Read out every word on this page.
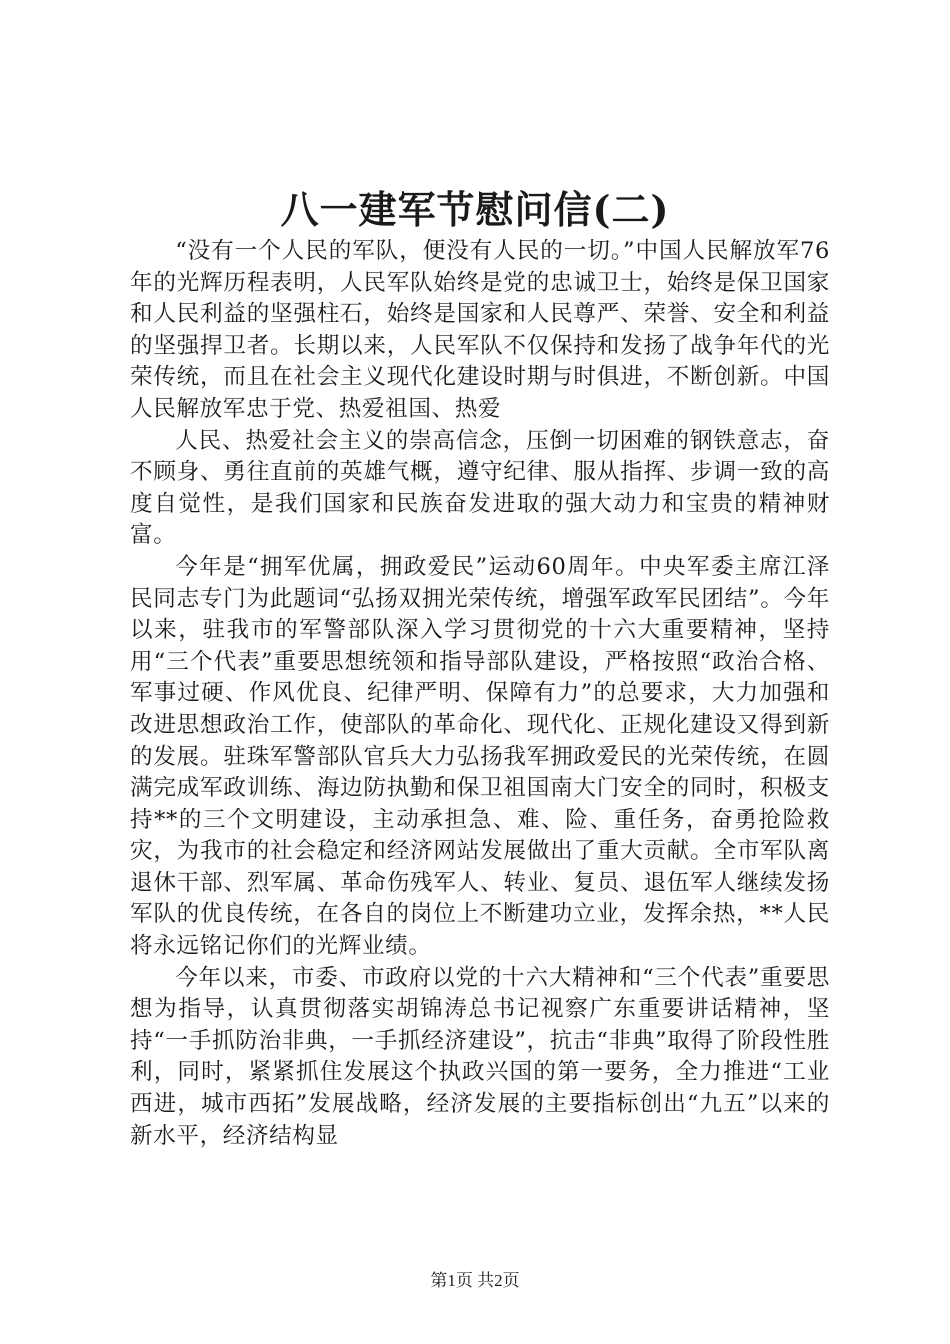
八一建军节慰问信(二)

“没有一个人民的军队，便没有人民的一切。”中国人民解放军76年的光辉历程表明，人民军队始终是党的忠诚卫士，始终是保卫国家和人民利益的坚强柱石，始终是国家和人民尊严、荣誉、安全和利益的坚强捍卫者。长期以来，人民军队不仅保持和发扬了战争年代的光荣传统，而且在社会主义现代化建设时期与时俱进，不断创新。中国人民解放军忠于党、热爱祖国、热爱

人民、热爱社会主义的崇高信念，压倒一切困难的钢铁意志，奋不顾身、勇往直前的英雄气概，遵守纪律、服从指挥、步调一致的高度自觉性，是我们国家和民族奋发进取的强大动力和宝贵的精神财富。

今年是“拥军优属，拥政爱民”运动60周年。中央军委主席江泽民同志专门为此题词“弘扬双拥光荣传统，增强军政军民团结”。今年以来，驻我市的军警部队深入学习贯彻党的十六大重要精神，坚持用“三个代表”重要思想统领和指导部队建设，严格按照“政治合格、军事过硬、作风优良、纪律严明、保障有力”的总要求，大力加强和改进思想政治工作，使部队的革命化、现代化、正规化建设又得到新的发展。驻珠军警部队官兵大力弘扬我军拥政爱民的光荣传统，在圆满完成军政训练、海边防执勤和保卫祖国南大门安全的同时，积极支持**的三个文明建设，主动承担急、难、险、重任务，奋勇抢险救灾，为我市的社会稳定和经济网站发展做出了重大贡献。全市军队离退休干部、烈军属、革命伤残军人、转业、复员、退伍军人继续发扬军队的优良传统，在各自的岗位上不断建功立业，发挥余热，**人民将永远铭记你们的光辉业绩。

今年以来，市委、市政府以党的十六大精神和“三个代表”重要思想为指导，认真贯彻落实胡锦涛总书记视察广东重要讲话精神，坚持“一手抓防治非典，一手抓经济建设”，抗击“非典”取得了阶段性胜利，同时，紧紧抓住发展这个执政兴国的第一要务，全力推进“工业西进，城市西拓”发展战略，经济发展的主要指标创出“九五”以来的新水平，经济结构显

第1页 共2页
